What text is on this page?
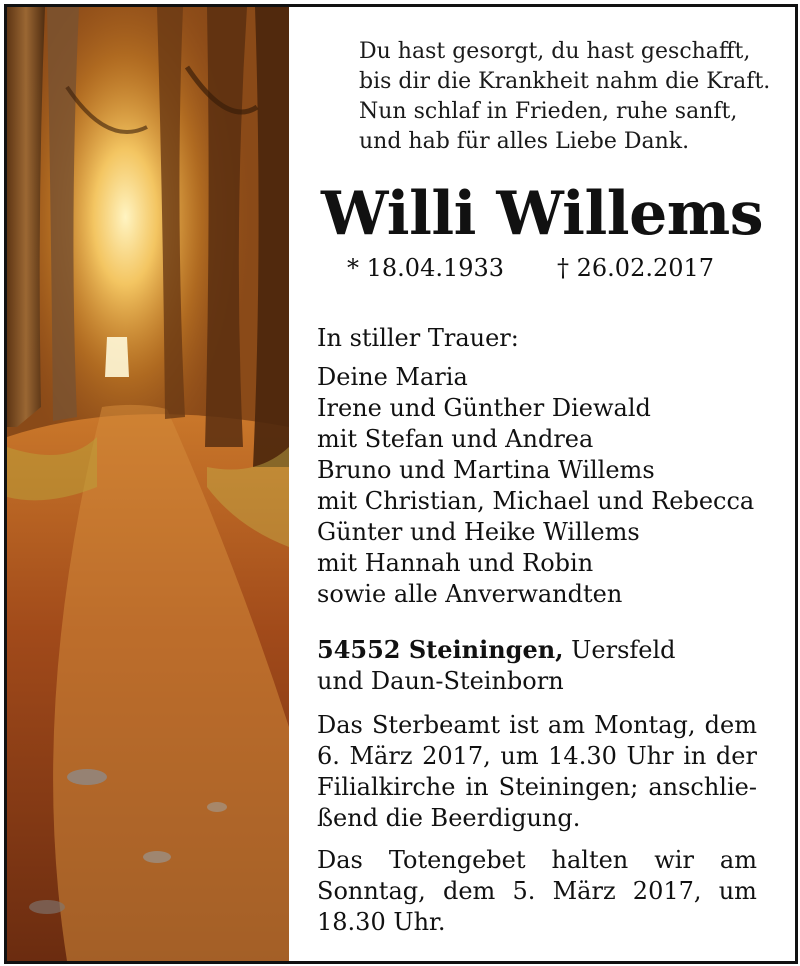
Du hast gesorgt, du hast geschafft,
bis dir die Krankheit nahm die Kraft.
Nun schlaf in Frieden, ruhe sanft,
und hab für alles Liebe Dank.
Willi Willems
* 18.04.1933 † 26.02.2017
In stiller Trauer:
Deine Maria
Irene und Günther Diewald
mit Stefan und Andrea
Bruno und Martina Willems
mit Christian, Michael und Rebecca
Günter und Heike Willems
mit Hannah und Robin
sowie alle Anverwandten
54552 Steiningen, Uersfeld
und Daun-Steinborn
Das Sterbeamt ist am Montag, dem
6. März 2017, um 14.30 Uhr in der
Filialkirche in Steiningen; anschlie-
ßend die Beerdigung.
Das Totengebet halten wir am
Sonntag, dem 5. März 2017, um
18.30 Uhr.
